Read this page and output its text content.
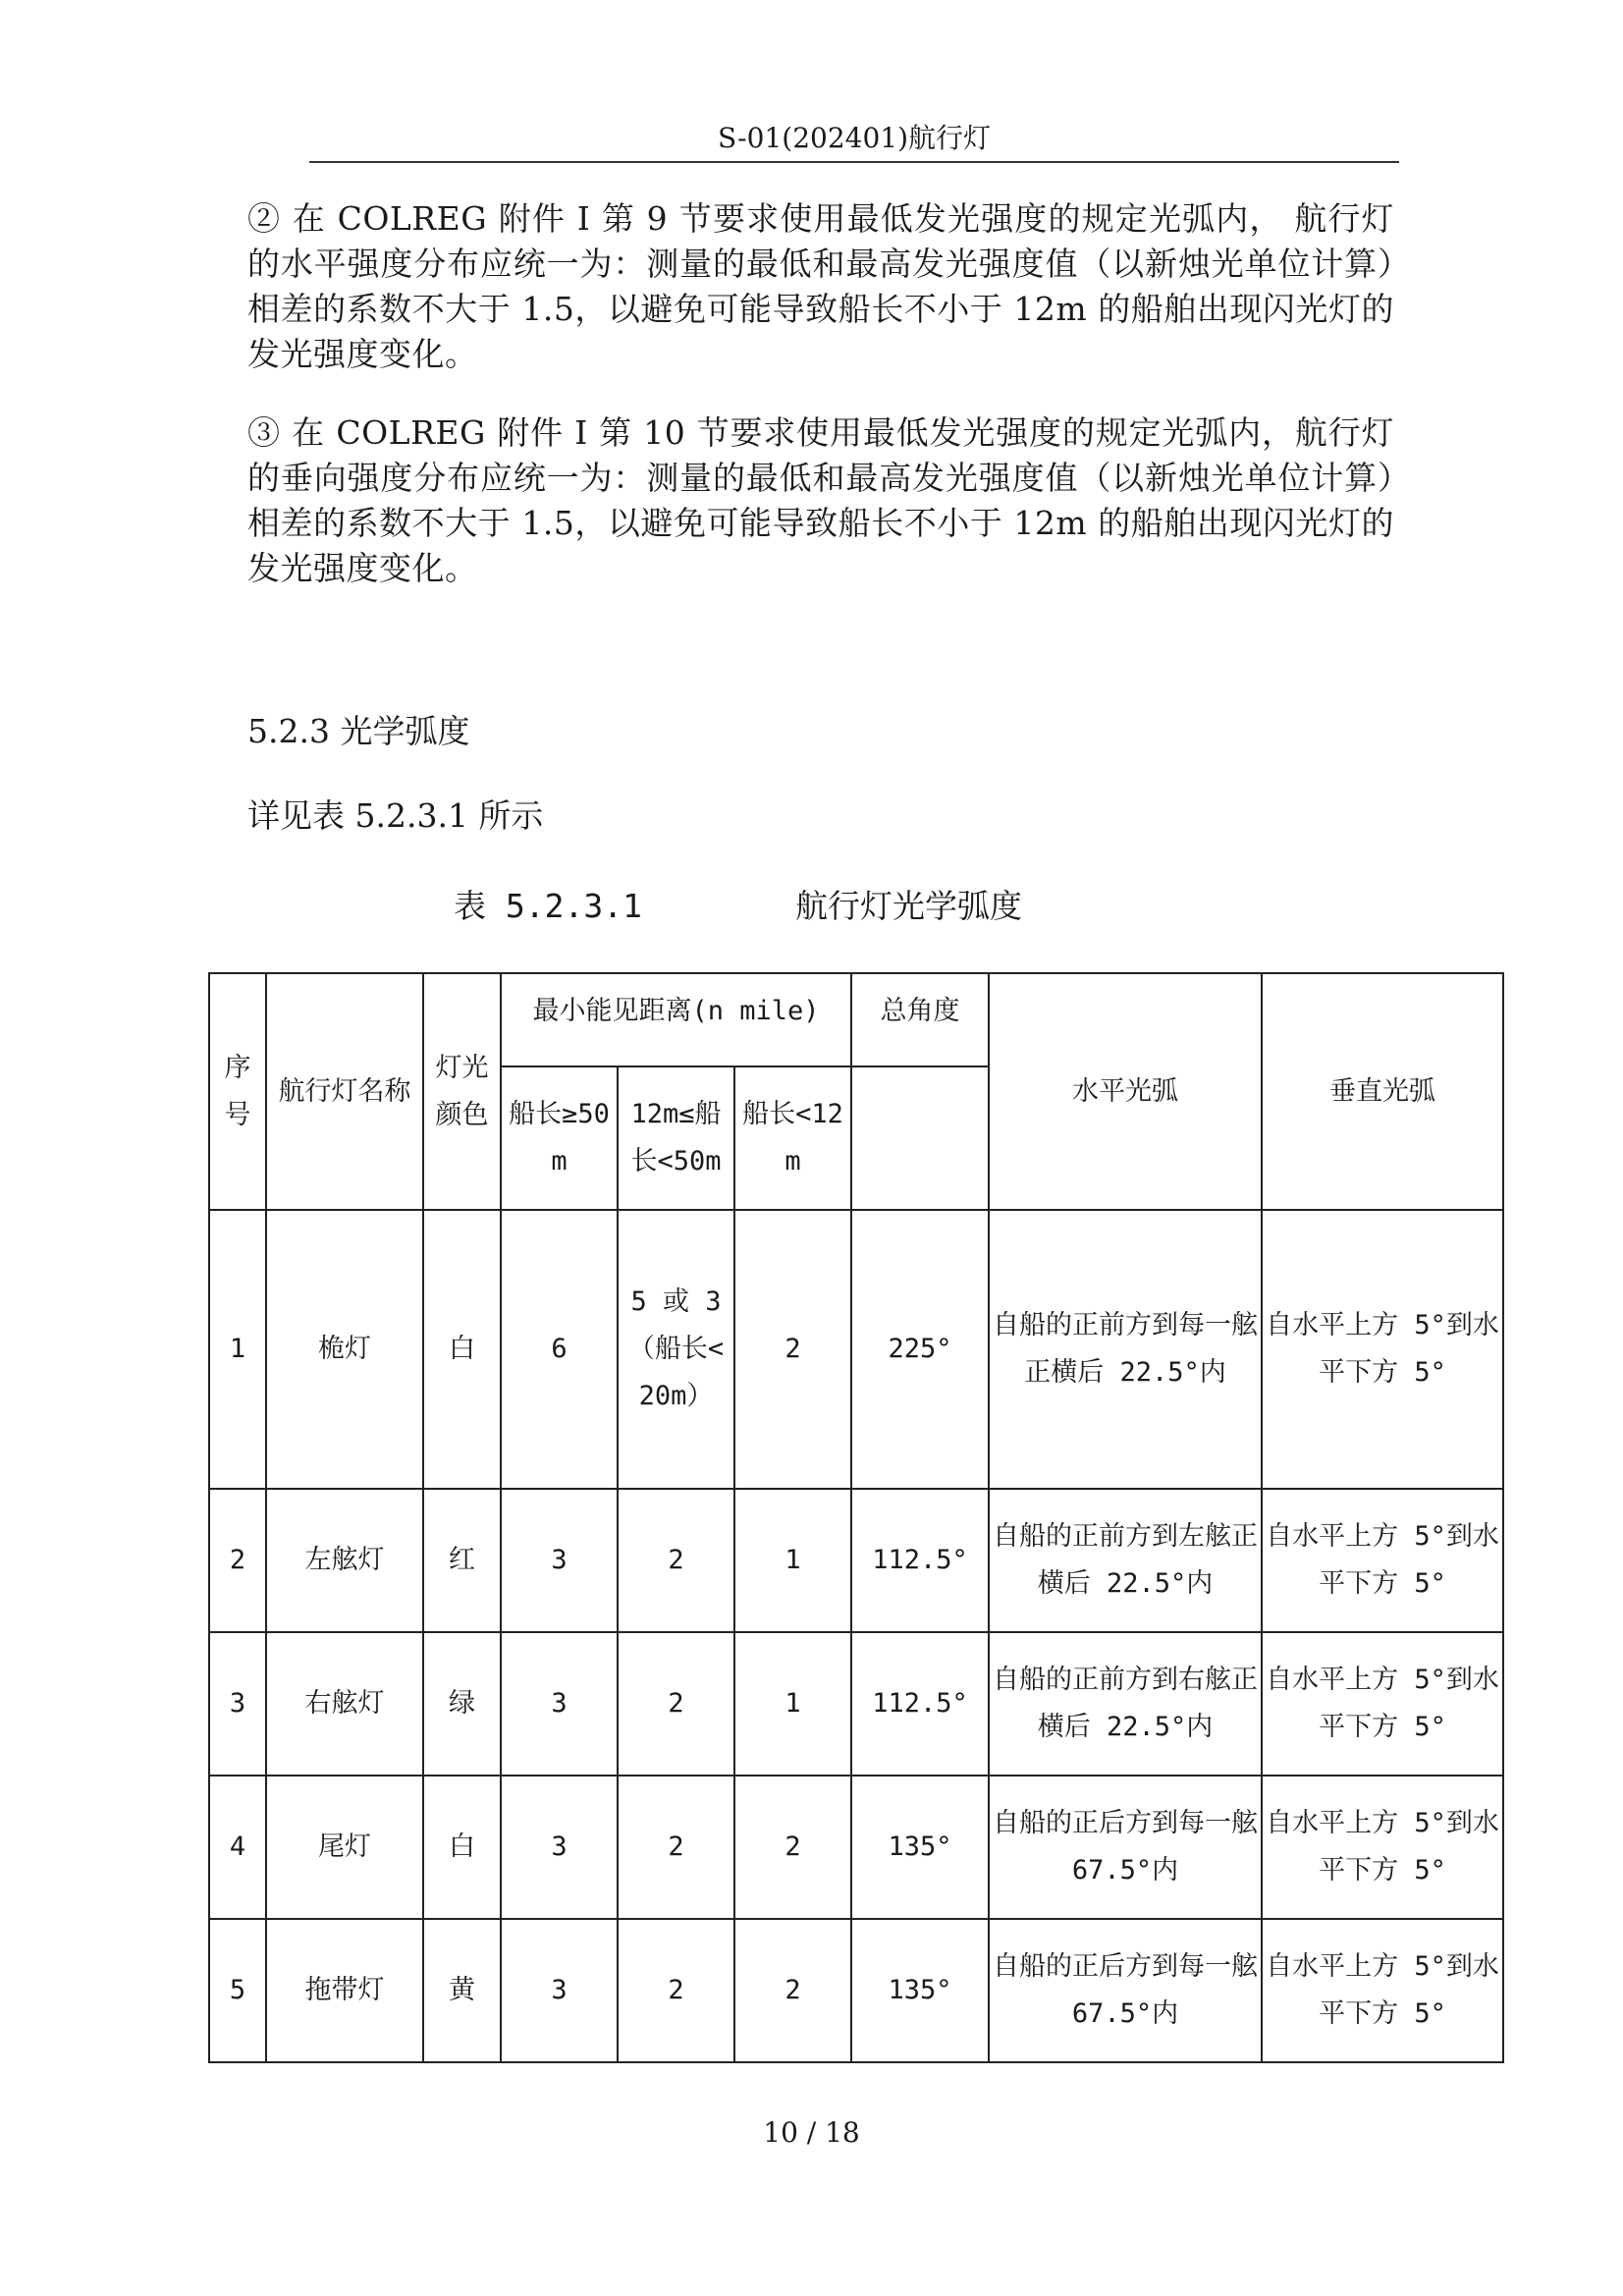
S-01(202401)航行灯
② 在 COLREG 附件 I 第 9 节要求使用最低发光强度的规定光弧内， 航行灯的水平强度分布应统一为：测量的最低和最高发光强度值（以新烛光单位计算）相差的系数不大于 1.5，以避免可能导致船长不小于 12m 的船舶出现闪光灯的发光强度变化。
③ 在 COLREG 附件 I 第 10 节要求使用最低发光强度的规定光弧内，航行灯的垂向强度分布应统一为：测量的最低和最高发光强度值（以新烛光单位计算）相差的系数不大于 1.5，以避免可能导致船长不小于 12m 的船舶出现闪光灯的发光强度变化。
5.2.3 光学弧度
详见表 5.2.3.1 所示
表 5.2.3.1	航行灯光学弧度
序号	航行灯名称	灯光颜色	最小能见距离(n mile)			总角度	水平光弧	垂直光弧
			船长≥50m	12m≤船长<50m	船长<12m			
1	桅灯	白	6	5 或 3（船长<20m）	2	225°	自船的正前方到每一舷正横后 22.5°内	自水平上方 5°到水平下方 5°
2	左舷灯	红	3	2	1	112.5°	自船的正前方到左舷正横后 22.5°内	自水平上方 5°到水平下方 5°
3	右舷灯	绿	3	2	1	112.5°	自船的正前方到右舷正横后 22.5°内	自水平上方 5°到水平下方 5°
4	尾灯	白	3	2	2	135°	自船的正后方到每一舷 67.5°内	自水平上方 5°到水平下方 5°
5	拖带灯	黄	3	2	2	135°	自船的正后方到每一舷 67.5°内	自水平上方 5°到水平下方 5°
10 / 18
